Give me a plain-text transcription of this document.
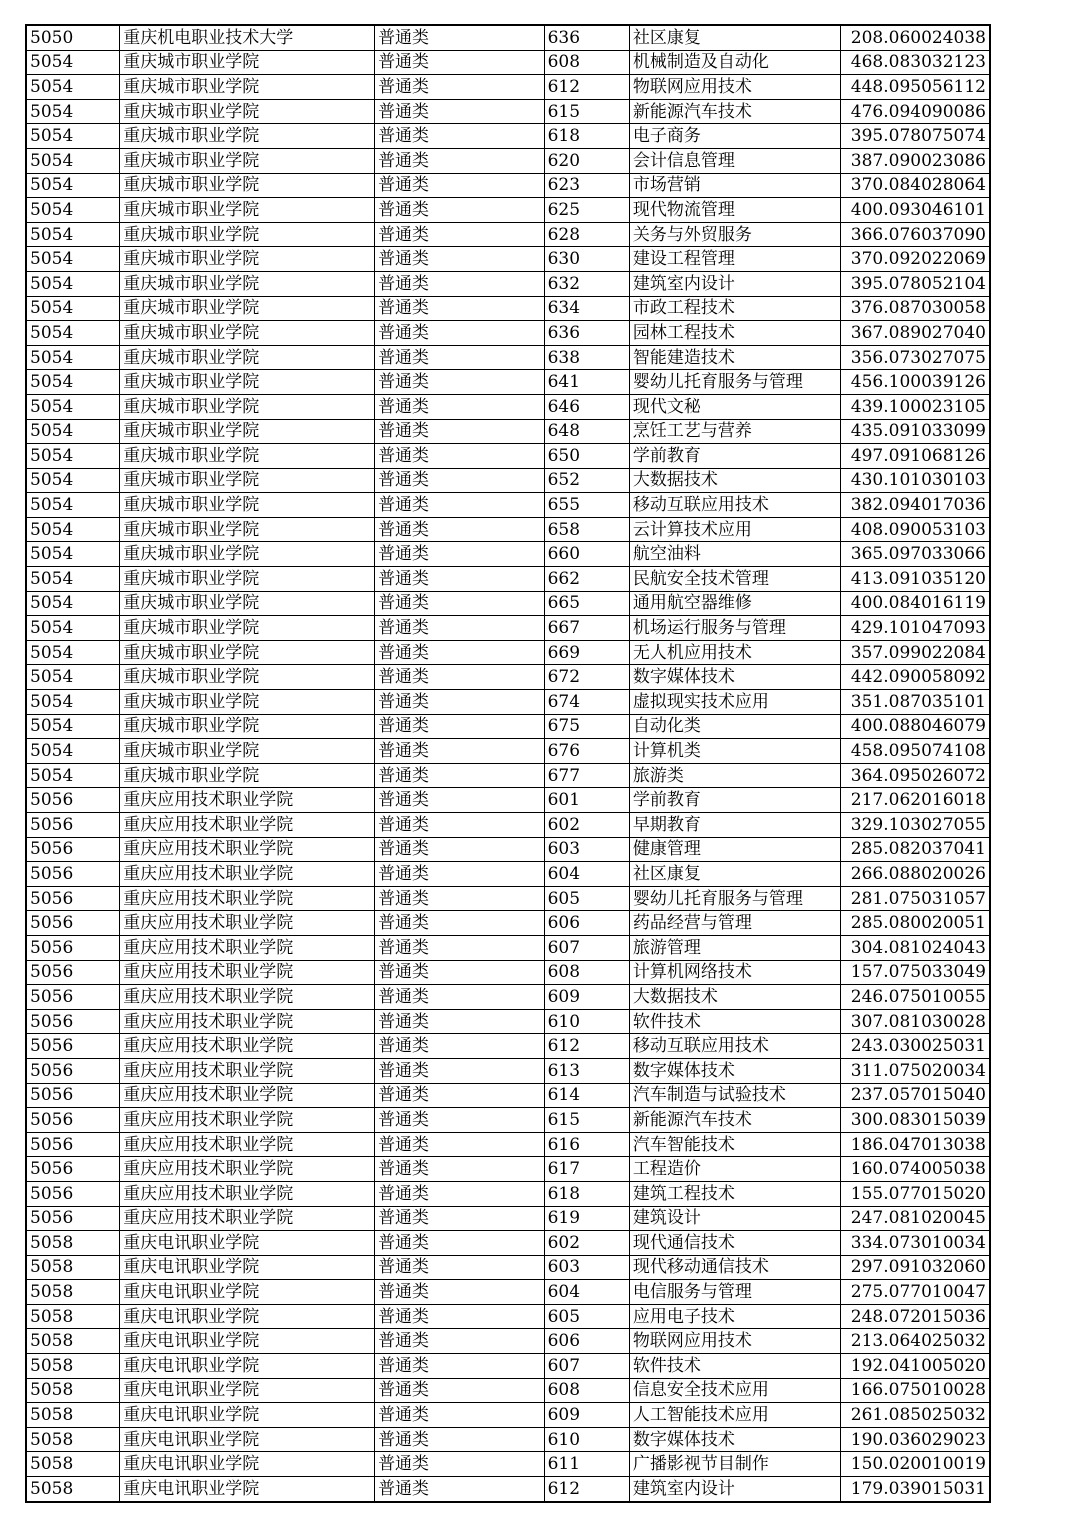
5050	重庆机电职业技术大学	普通类	636	社区康复	208.060024038
5054	重庆城市职业学院	普通类	608	机械制造及自动化	468.083032123
5054	重庆城市职业学院	普通类	612	物联网应用技术	448.095056112
5054	重庆城市职业学院	普通类	615	新能源汽车技术	476.094090086
5054	重庆城市职业学院	普通类	618	电子商务	395.078075074
5054	重庆城市职业学院	普通类	620	会计信息管理	387.090023086
5054	重庆城市职业学院	普通类	623	市场营销	370.084028064
5054	重庆城市职业学院	普通类	625	现代物流管理	400.093046101
5054	重庆城市职业学院	普通类	628	关务与外贸服务	366.076037090
5054	重庆城市职业学院	普通类	630	建设工程管理	370.092022069
5054	重庆城市职业学院	普通类	632	建筑室内设计	395.078052104
5054	重庆城市职业学院	普通类	634	市政工程技术	376.087030058
5054	重庆城市职业学院	普通类	636	园林工程技术	367.089027040
5054	重庆城市职业学院	普通类	638	智能建造技术	356.073027075
5054	重庆城市职业学院	普通类	641	婴幼儿托育服务与管理	456.100039126
5054	重庆城市职业学院	普通类	646	现代文秘	439.100023105
5054	重庆城市职业学院	普通类	648	烹饪工艺与营养	435.091033099
5054	重庆城市职业学院	普通类	650	学前教育	497.091068126
5054	重庆城市职业学院	普通类	652	大数据技术	430.101030103
5054	重庆城市职业学院	普通类	655	移动互联应用技术	382.094017036
5054	重庆城市职业学院	普通类	658	云计算技术应用	408.090053103
5054	重庆城市职业学院	普通类	660	航空油料	365.097033066
5054	重庆城市职业学院	普通类	662	民航安全技术管理	413.091035120
5054	重庆城市职业学院	普通类	665	通用航空器维修	400.084016119
5054	重庆城市职业学院	普通类	667	机场运行服务与管理	429.101047093
5054	重庆城市职业学院	普通类	669	无人机应用技术	357.099022084
5054	重庆城市职业学院	普通类	672	数字媒体技术	442.090058092
5054	重庆城市职业学院	普通类	674	虚拟现实技术应用	351.087035101
5054	重庆城市职业学院	普通类	675	自动化类	400.088046079
5054	重庆城市职业学院	普通类	676	计算机类	458.095074108
5054	重庆城市职业学院	普通类	677	旅游类	364.095026072
5056	重庆应用技术职业学院	普通类	601	学前教育	217.062016018
5056	重庆应用技术职业学院	普通类	602	早期教育	329.103027055
5056	重庆应用技术职业学院	普通类	603	健康管理	285.082037041
5056	重庆应用技术职业学院	普通类	604	社区康复	266.088020026
5056	重庆应用技术职业学院	普通类	605	婴幼儿托育服务与管理	281.075031057
5056	重庆应用技术职业学院	普通类	606	药品经营与管理	285.080020051
5056	重庆应用技术职业学院	普通类	607	旅游管理	304.081024043
5056	重庆应用技术职业学院	普通类	608	计算机网络技术	157.075033049
5056	重庆应用技术职业学院	普通类	609	大数据技术	246.075010055
5056	重庆应用技术职业学院	普通类	610	软件技术	307.081030028
5056	重庆应用技术职业学院	普通类	612	移动互联应用技术	243.030025031
5056	重庆应用技术职业学院	普通类	613	数字媒体技术	311.075020034
5056	重庆应用技术职业学院	普通类	614	汽车制造与试验技术	237.057015040
5056	重庆应用技术职业学院	普通类	615	新能源汽车技术	300.083015039
5056	重庆应用技术职业学院	普通类	616	汽车智能技术	186.047013038
5056	重庆应用技术职业学院	普通类	617	工程造价	160.074005038
5056	重庆应用技术职业学院	普通类	618	建筑工程技术	155.077015020
5056	重庆应用技术职业学院	普通类	619	建筑设计	247.081020045
5058	重庆电讯职业学院	普通类	602	现代通信技术	334.073010034
5058	重庆电讯职业学院	普通类	603	现代移动通信技术	297.091032060
5058	重庆电讯职业学院	普通类	604	电信服务与管理	275.077010047
5058	重庆电讯职业学院	普通类	605	应用电子技术	248.072015036
5058	重庆电讯职业学院	普通类	606	物联网应用技术	213.064025032
5058	重庆电讯职业学院	普通类	607	软件技术	192.041005020
5058	重庆电讯职业学院	普通类	608	信息安全技术应用	166.075010028
5058	重庆电讯职业学院	普通类	609	人工智能技术应用	261.085025032
5058	重庆电讯职业学院	普通类	610	数字媒体技术	190.036029023
5058	重庆电讯职业学院	普通类	611	广播影视节目制作	150.020010019
5058	重庆电讯职业学院	普通类	612	建筑室内设计	179.039015031
